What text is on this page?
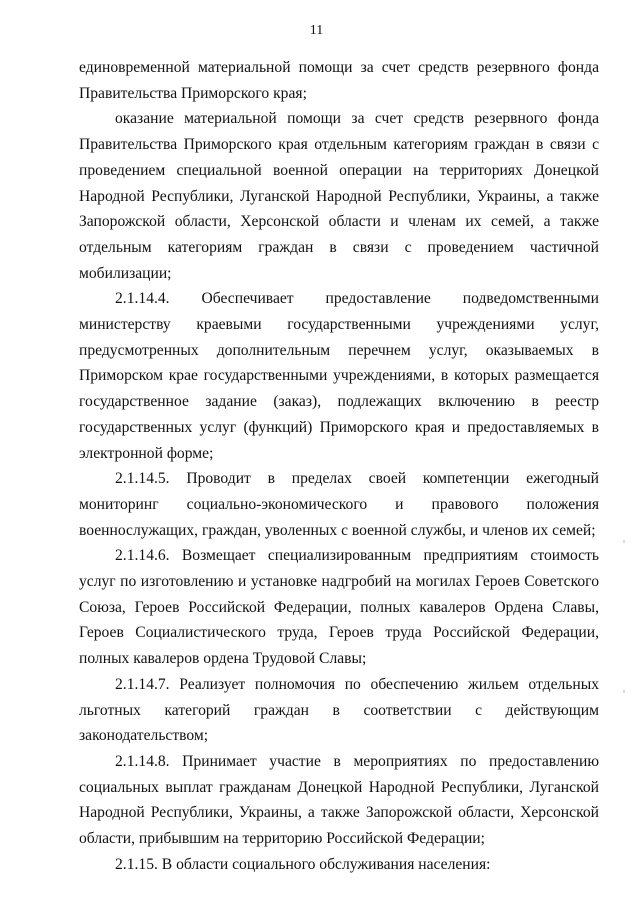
11

единовременной материальной помощи за счет средств резервного фонда Правительства Приморского края;

оказание материальной помощи за счет средств резервного фонда Правительства Приморского края отдельным категориям граждан в связи с проведением специальной военной операции на территориях Донецкой Народной Республики, Луганской Народной Республики, Украины, а также Запорожской области, Херсонской области и членам их семей, а также отдельным категориям граждан в связи с проведением частичной мобилизации;

2.1.14.4. Обеспечивает предоставление подведомственными министерству краевыми государственными учреждениями услуг, предусмотренных дополнительным перечнем услуг, оказываемых в Приморском крае государственными учреждениями, в которых размещается государственное задание (заказ), подлежащих включению в реестр государственных услуг (функций) Приморского края и предоставляемых в электронной форме;

2.1.14.5. Проводит в пределах своей компетенции ежегодный мониторинг социально-экономического и правового положения военнослужащих, граждан, уволенных с военной службы, и членов их семей;

2.1.14.6. Возмещает специализированным предприятиям стоимость услуг по изготовлению и установке надгробий на могилах Героев Советского Союза, Героев Российской Федерации, полных кавалеров Ордена Славы, Героев Социалистического труда, Героев труда Российской Федерации, полных кавалеров ордена Трудовой Славы;

2.1.14.7. Реализует полномочия по обеспечению жильем отдельных льготных категорий граждан в соответствии с действующим законодательством;

2.1.14.8. Принимает участие в мероприятиях по предоставлению социальных выплат гражданам Донецкой Народной Республики, Луганской Народной Республики, Украины, а также Запорожской области, Херсонской области, прибывшим на территорию Российской Федерации;

2.1.15. В области социального обслуживания населения:
